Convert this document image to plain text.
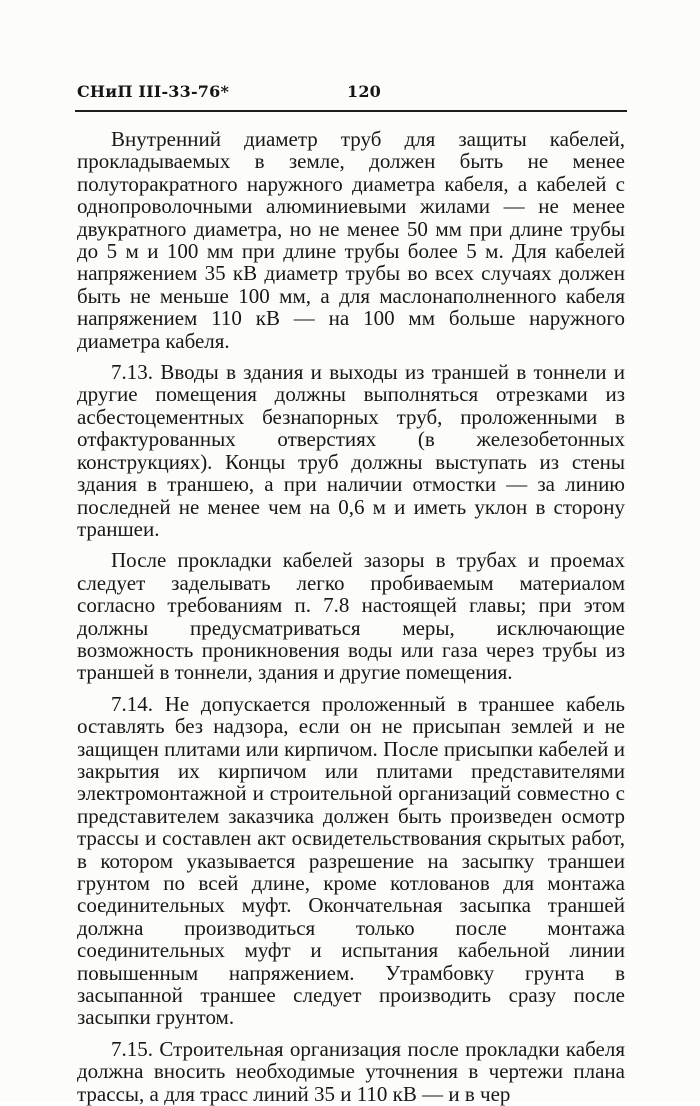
СНиП III-33-76*	120

Внутренний диаметр труб для защиты кабелей, прокладываемых в земле, должен быть не менее полуторакратного наружного диаметра кабеля, а кабелей с однопроволочными алюминиевыми жилами — не менее двукратного диаметра, но не менее 50 мм при длине трубы до 5 м и 100 мм при длине трубы более 5 м. Для кабелей напряжением 35 кВ диаметр трубы во всех случаях должен быть не меньше 100 мм, а для маслонаполненного кабеля напряжением 110 кВ — на 100 мм больше наружного диаметра кабеля.

7.13. Вводы в здания и выходы из траншей в тоннели и другие помещения должны выполняться отрезками из асбестоцементных безнапорных труб, проложенными в отфактурованных отверстиях (в железобетонных конструкциях). Концы труб должны выступать из стены здания в траншею, а при наличии отмостки — за линию последней не менее чем на 0,6 м и иметь уклон в сторону траншеи.

После прокладки кабелей зазоры в трубах и проемах следует заделывать легко пробиваемым материалом согласно требованиям п. 7.8 настоящей главы; при этом должны предусматриваться меры, исключающие возможность проникновения воды или газа через трубы из траншей в тоннели, здания и другие помещения.

7.14. Не допускается проложенный в траншее кабель оставлять без надзора, если он не присыпан землей и не защищен плитами или кирпичом. После присыпки кабелей и закрытия их кирпичом или плитами представителями электромонтажной и строительной организаций совместно с представителем заказчика должен быть произведен осмотр трассы и составлен акт освидетельствования скрытых работ, в котором указывается разрешение на засыпку траншеи грунтом по всей длине, кроме котлованов для монтажа соединительных муфт. Окончательная засыпка траншей должна производиться только после монтажа соединительных муфт и испытания кабельной линии повышенным напряжением. Утрамбовку грунта в засыпанной траншее следует производить сразу после засыпки грунтом.

7.15. Строительная организация после прокладки кабеля должна вносить необходимые уточнения в чертежи плана трассы, а для трасс линий 35 и 110 кВ — и в чер
